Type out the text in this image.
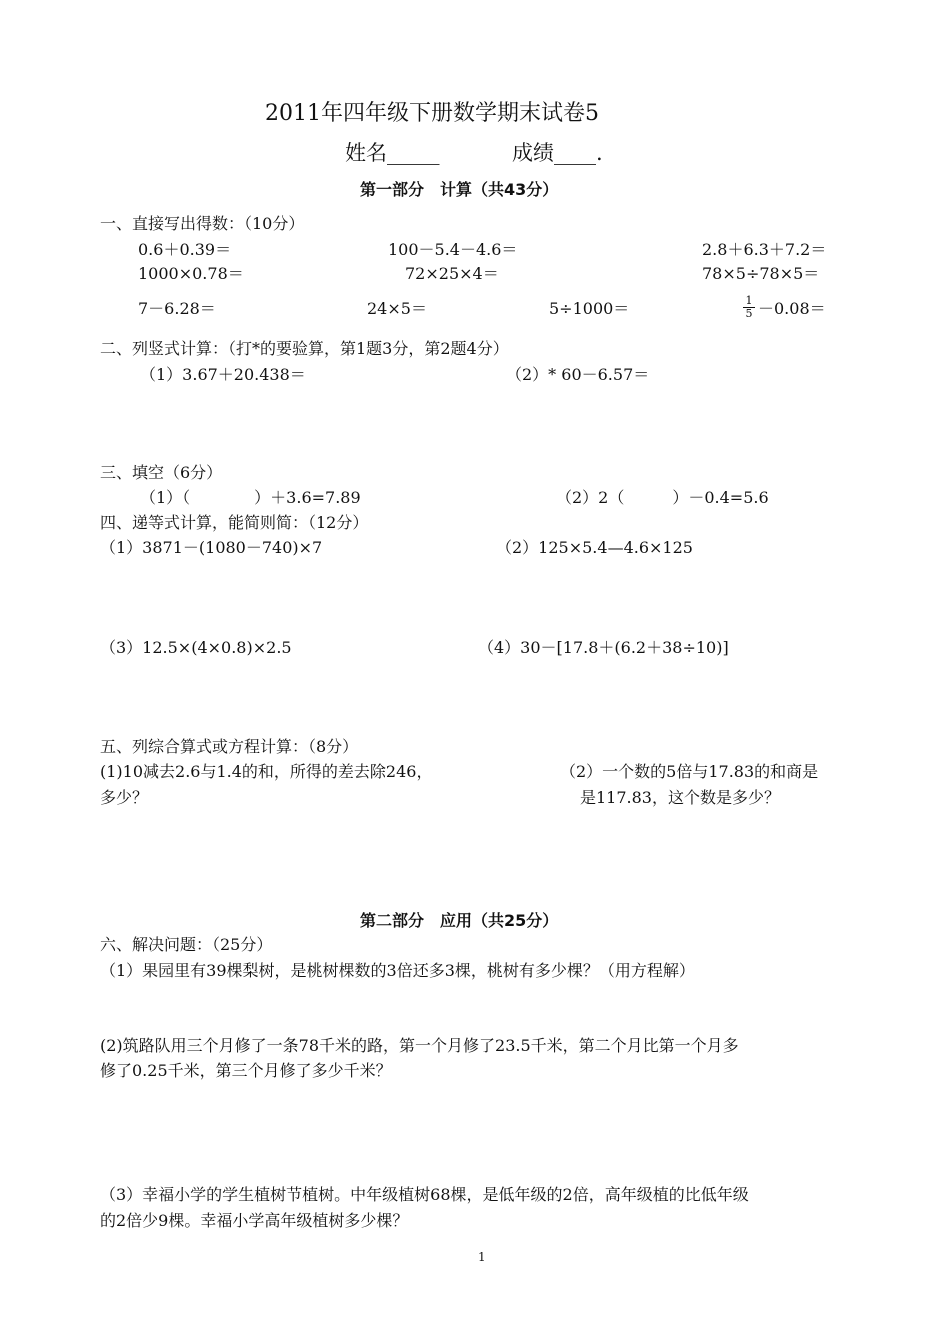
2011年四年级下册数学期末试卷5
姓名_____	成绩____.
第一部分　计算（共43分）
一、直接写出得数：（10分）
0.6＋0.39＝	100－5.4－4.6＝	2.8＋6.3＋7.2＝
1000×0.78＝	72×25×4＝	78×5÷78×5＝
7－6.28＝	24×5＝	5÷1000＝	$\frac{1}{5} -0.08=$
二、列竖式计算：（打*的要验算，第1题3分，第2题4分）
（1）3.67＋20.438＝	（2）* 60－6.57＝
三、填空（6分）
（1）（　　　　）＋3.6=7.89	（2）2（　　　）－0.4=5.6
四、递等式计算，能简则简：（12分）
（1）3871－(1080－740)×7	（2）125×5.4—4.6×125
（3）12.5×(4×0.8)×2.5	（4）30－[17.8＋(6.2＋38÷10)]
五、列综合算式或方程计算：（8分）
(1)10减去2.6与1.4的和，所得的差去除246，
多少？
（2）一个数的5倍与17.83的和商是
是117.83，这个数是多少？
第二部分　应用（共25分）
六、解决问题：（25分）
（1）果园里有39棵梨树，是桃树棵数的3倍还多3棵，桃树有多少棵？（用方程解）
(2)筑路队用三个月修了一条78千米的路，第一个月修了23.5千米，第二个月比第一个月多
修了0.25千米，第三个月修了多少千米？
（3）幸福小学的学生植树节植树。中年级植树68棵，是低年级的2倍，高年级植的比低年级
的2倍少9棵。幸福小学高年级植树多少棵？
1
